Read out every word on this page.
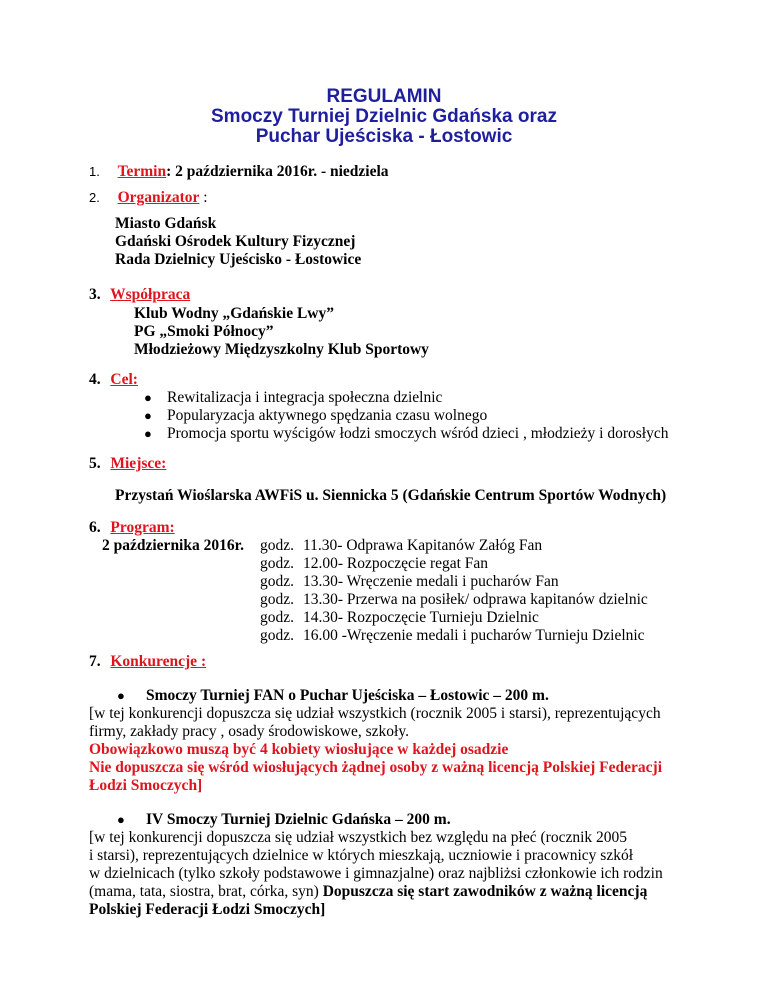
REGULAMIN
Smoczy Turniej Dzielnic Gdańska oraz
Puchar Ujeściska - Łostowic
1. Termin: 2 października 2016r. - niedziela
2. Organizator :
Miasto Gdańsk
Gdański Ośrodek Kultury Fizycznej
Rada Dzielnicy Ujeścisko - Łostowice
3. Współpraca
Klub Wodny „Gdańskie Lwy”
PG „Smoki Północy”
Młodzieżowy Międzyszkolny Klub Sportowy
4. Cel:
● Rewitalizacja i integracja społeczna dzielnic
● Popularyzacja aktywnego spędzania czasu wolnego
● Promocja sportu wyścigów łodzi smoczych wśród dzieci , młodzieży i dorosłych
5. Miejsce:
Przystań Wioślarska AWFiS u. Siennicka 5 (Gdańskie Centrum Sportów Wodnych)
6. Program:
2 października 2016r. godz. 11.30- Odprawa Kapitanów Załóg Fan
godz. 12.00- Rozpoczęcie regat Fan
godz. 13.30- Wręczenie medali i pucharów Fan
godz. 13.30- Przerwa na posiłek/ odprawa kapitanów dzielnic
godz. 14.30- Rozpoczęcie Turnieju Dzielnic
godz. 16.00 -Wręczenie medali i pucharów Turnieju Dzielnic
7. Konkurencje :
● Smoczy Turniej FAN o Puchar Ujeściska – Łostowic – 200 m.
[w tej konkurencji dopuszcza się udział wszystkich (rocznik 2005 i starsi), reprezentujących
firmy, zakłady pracy , osady środowiskowe, szkoły.
Obowiązkowo muszą być 4 kobiety wiosłujące w każdej osadzie
Nie dopuszcza się wśród wiosłujących żądnej osoby z ważną licencją Polskiej Federacji
Łodzi Smoczych]
● IV Smoczy Turniej Dzielnic Gdańska – 200 m.
[w tej konkurencji dopuszcza się udział wszystkich bez względu na płeć (rocznik 2005
i starsi), reprezentujących dzielnice w których mieszkają, uczniowie i pracownicy szkół
w dzielnicach (tylko szkoły podstawowe i gimnazjalne) oraz najbliżsi członkowie ich rodzin
(mama, tata, siostra, brat, córka, syn) Dopuszcza się start zawodników z ważną licencją
Polskiej Federacji Łodzi Smoczych]
